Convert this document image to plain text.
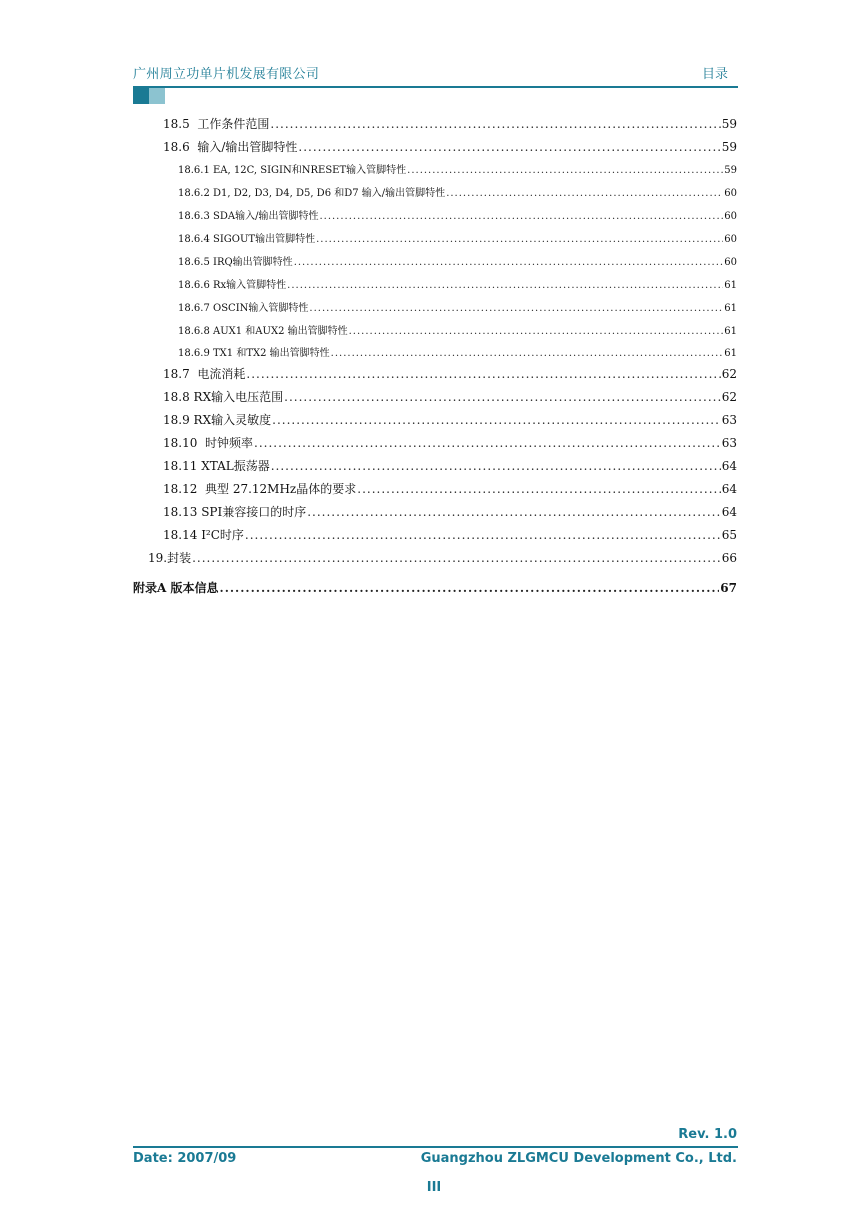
广州周立功单片机发展有限公司	目录
18.5 工作条件范围 .....	59
18.6 输入/输出管脚特性 .....	59
18.6.1 EA, 12C, SIGIN和NRESET输入管脚特性 .....	59
18.6.2 D1, D2, D3, D4, D5, D6 和D7 输入/输出管脚特性 .....	60
18.6.3 SDA输入/输出管脚特性 .....	60
18.6.4 SIGOUT输出管脚特性 .....	60
18.6.5 IRQ输出管脚特性 .....	60
18.6.6 Rx输入管脚特性 .....	61
18.6.7 OSCIN输入管脚特性 .....	61
18.6.8 AUX1 和AUX2 输出管脚特性 .....	61
18.6.9 TX1 和TX2 输出管脚特性 .....	61
18.7 电流消耗 .....	62
18.8 RX输入电压范围 .....	62
18.9 RX输入灵敏度 .....	63
18.10 时钟频率 .....	63
18.11 XTAL振荡器 .....	64
18.12 典型 27.12MHz晶体的要求 .....	64
18.13 SPI兼容接口的时序 .....	64
18.14 I²C时序 .....	65
19.封装 .....	66
附录A 版本信息 .....	67
Rev. 1.0
Date: 2007/09	Guangzhou ZLGMCU Development Co., Ltd.
III
